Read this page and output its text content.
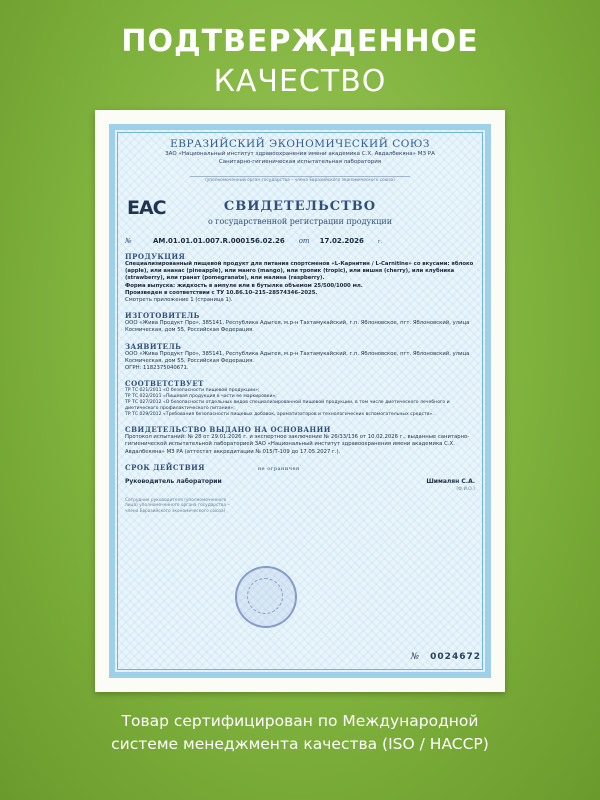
ПОДТВЕРЖДЕННОЕ
КАЧЕСТВО
ЕВРАЗИЙСКИЙ ЭКОНОМИЧЕСКИЙ СОЮЗ
ЗАО «Национальный институт здравоохранения имени академика С.Х. Авдалбекяна» МЗ РА
Санитарно-гигиеническая испытательная лаборатория
(уполномоченный орган государства – члена Евразийского экономического союза)
EAC	СВИДЕТЕЛЬСТВО
о государственной регистрации продукции
№	AM.01.01.01.007.R.000156.02.26 от 17.02.2026	г.
ПРОДУКЦИЯ
Специализированный пищевой продукт для питания спортсменов «L-Карнитин / L-Carnitine» со вкусами: яблоко (apple), или ананас (pineapple), или манго (mango), или тропик (tropic), или вишня (cherry), или клубника (strawberry), или гранат (pomegranate), или малина (raspberry).
Форма выпуска: жидкость в ампуле или в бутылке объемом 25/500/1000 мл.
Произведен в соответствии с ТУ 10.86.10–215–28574346–2025.
Смотреть приложение 1 (страница 1).
ИЗГОТОВИТЕЛЬ
ООО «Жива Продукт Про», 385141, Республика Адыгея, м.р-н Тахтамукайский, г.п. Яблоновское, пгт. Яблоновский, улица Космическая, дом 55, Российская Федерация.
ЗАЯВИТЕЛЬ
ООО «Жива Продукт Про», 385141, Республика Адыгея, м.р-н Тахтамукайский, г.п. Яблоновское, пгт. Яблоновский, улица Космическая, дом 55, Российская Федерация.
ОГРН: 1182375040671.
СООТВЕТСТВУЕТ
ТР ТС 021/2011 «О безопасности пищевой продукции»;
ТР ТС 022/2011 «Пищевая продукция в части ее маркировки»;
ТР ТС 027/2012 «О безопасности отдельных видов специализированной пищевой продукции, в том числе диетического лечебного и диетического профилактического питания»;
ТР ТС 029/2012 «Требования безопасности пищевых добавок, ароматизаторов и технологических вспомогательных средств».
СВИДЕТЕЛЬСТВО ВЫДАНО НА ОСНОВАНИИ
Протокол испытаний: № 28 от 29.01.2026 г. и экспертное заключение № 26/33/136 от 10.02.2026 г., выданные санитарно-гигиенической испытательной лабораторией ЗАО «Национальный институт здравоохранения имени академика С.Х. Авдалбекяна» МЗ РА (аттестат аккредитации № 015/Т-109 до 17.05.2027 г.).
СРОК ДЕЙСТВИЯ	не ограничен
Руководитель лаборатории	Шималян С.А.
(Ф.И.О.)
Сотрудник руководителя (уполномоченного лица) уполномоченного органа государства – члена Евразийского экономического союза)
№ 0024672
Товар сертифицирован по Международной
системе менеджмента качества (ISO / HACCP)
